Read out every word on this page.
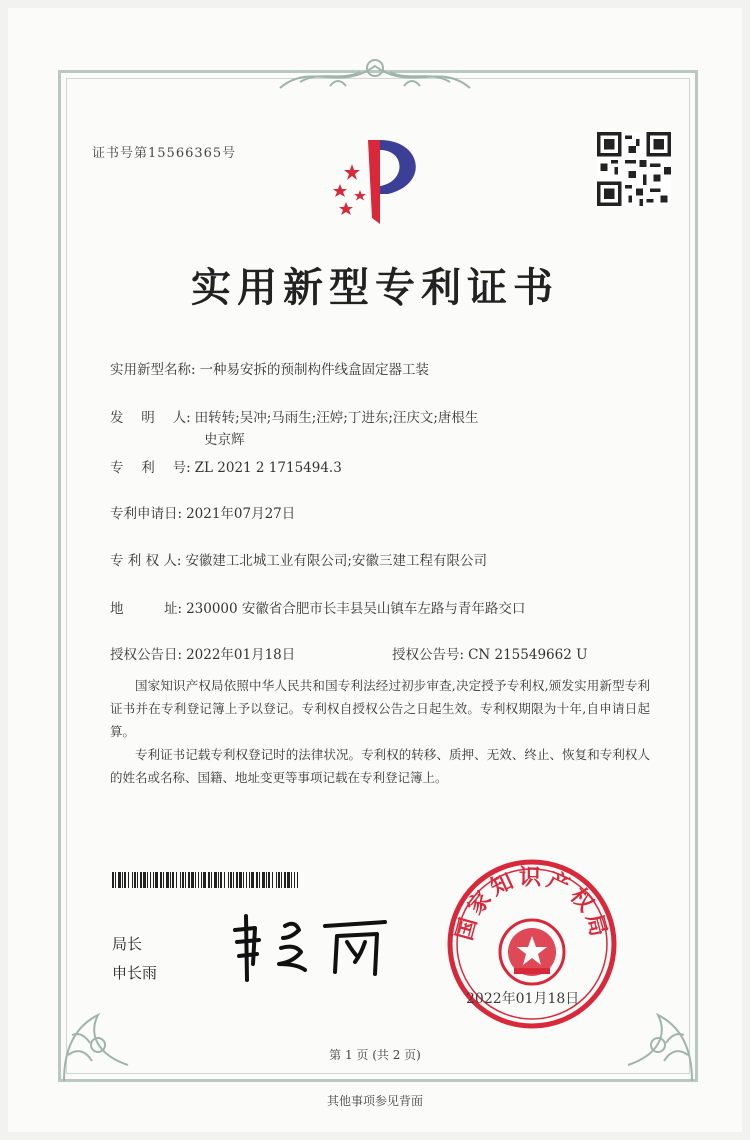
证书号第15566365号
实用新型专利证书
实用新型名称: 一种易安拆的预制构件线盒固定器工装
发　 明　 人: 田转转;吴冲;马雨生;汪婷;丁进东;汪庆文;唐根生
史京辉
专　 利　 号: ZL 2021 2 1715494.3
专利申请日: 2021年07月27日
专 利 权 人: 安徽建工北城工业有限公司;安徽三建工程有限公司
地　　　址: 230000 安徽省合肥市长丰县吴山镇车左路与青年路交口
授权公告日: 2022年01月18日	授权公告号: CN 215549662 U
国家知识产权局依照中华人民共和国专利法经过初步审查,决定授予专利权,颁发实用新型专利证书并在专利登记簿上予以登记。专利权自授权公告之日起生效。专利权期限为十年,自申请日起算。
专利证书记载专利权登记时的法律状况。专利权的转移、质押、无效、终止、恢复和专利权人的姓名或名称、国籍、地址变更等事项记载在专利登记簿上。
局长
申长雨
国家知识产权局
2022年01月18日
第 1 页 (共 2 页)
其他事项参见背面
